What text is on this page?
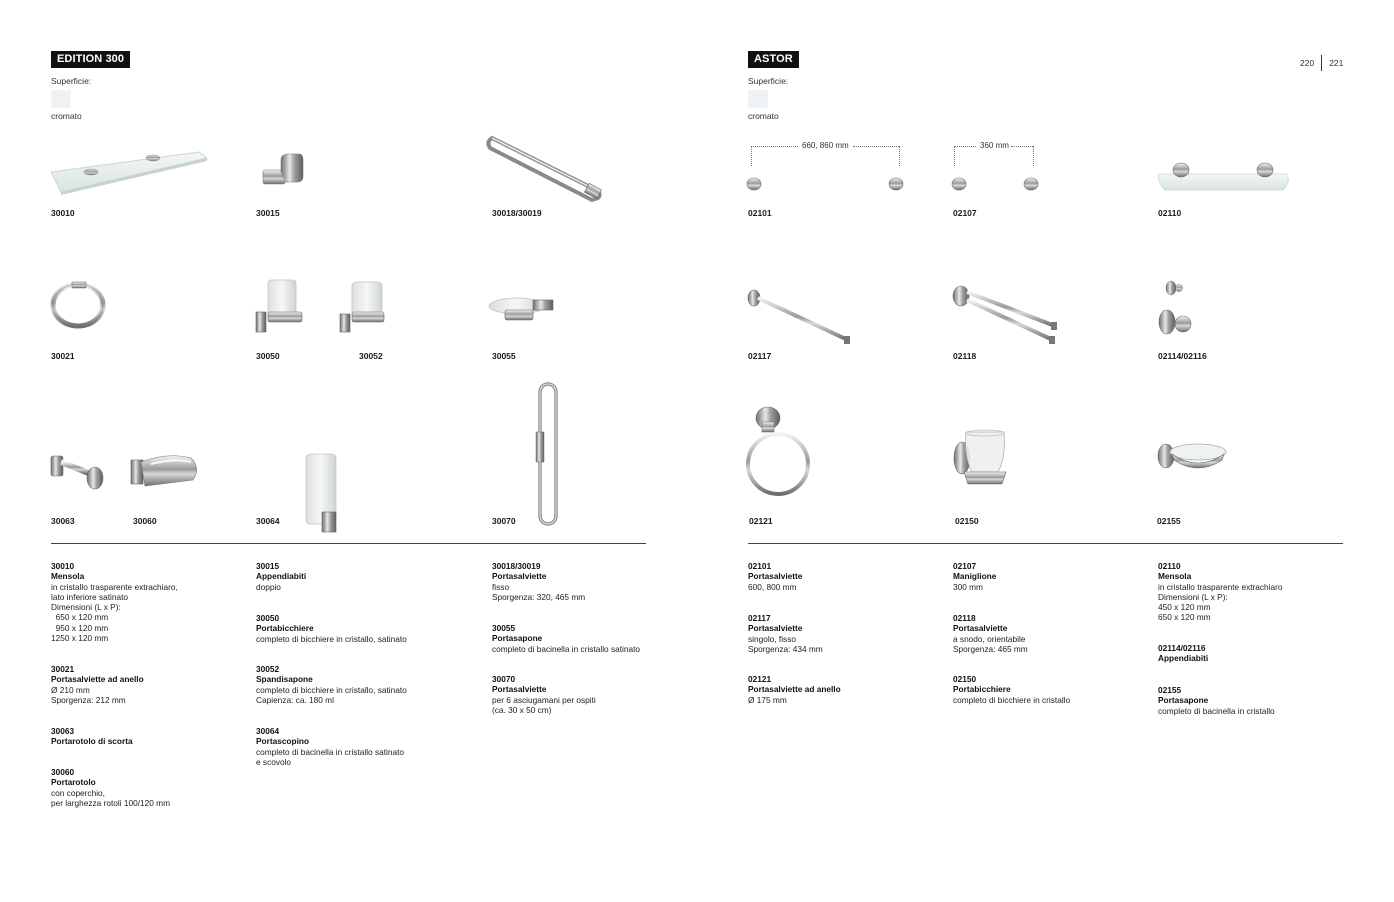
220 221
EDITION 300
Superficie:
cromato
30010	30015	30018/30019
30021	30050	30052	30055
30063	30060	30064	30070
30010
Mensola
in cristallo trasparente extrachiaro,
lato inferiore satinato
Dimensioni (L x P):
650 x 120 mm
950 x 120 mm
1250 x 120 mm
30021
Portasalviette ad anello
Ø 210 mm
Sporgenza: 212 mm
30063
Portarotolo di scorta
30060
Portarotolo
con coperchio,
per larghezza rotoli 100/120 mm
30015
Appendiabiti
doppio
30050
Portabicchiere
completo di bicchiere in cristallo, satinato
30052
Spandisapone
completo di bicchiere in cristallo, satinato
Capienza: ca. 180 ml
30064
Portascopino
completo di bacinella in cristallo satinato
e scovolo
30018/30019
Portasalviette
fisso
Sporgenza: 320, 465 mm
30055
Portasapone
completo di bacinella in cristallo satinato
30070
Portasalviette
per 6 asciugamani per ospiti
(ca. 30 x 50 cm)
ASTOR
Superficie:
cromato
660, 860 mm	360 mm
02101	02107	02110
02117	02118	02114/02116
02121	02150	02155
02101
Portasalviette
600, 800 mm
02117
Portasalviette
singolo, fisso
Sporgenza: 434 mm
02121
Portasalviette ad anello
Ø 175 mm
02107
Maniglione
300 mm
02118
Portasalviette
a snodo, orientabile
Sporgenza: 465 mm
02150
Portabicchiere
completo di bicchiere in cristallo
02110
Mensola
in cristallo trasparente extrachiaro
Dimensioni (L x P):
450 x 120 mm
650 x 120 mm
02114/02116
Appendiabiti
02155
Portasapone
completo di bacinella in cristallo
